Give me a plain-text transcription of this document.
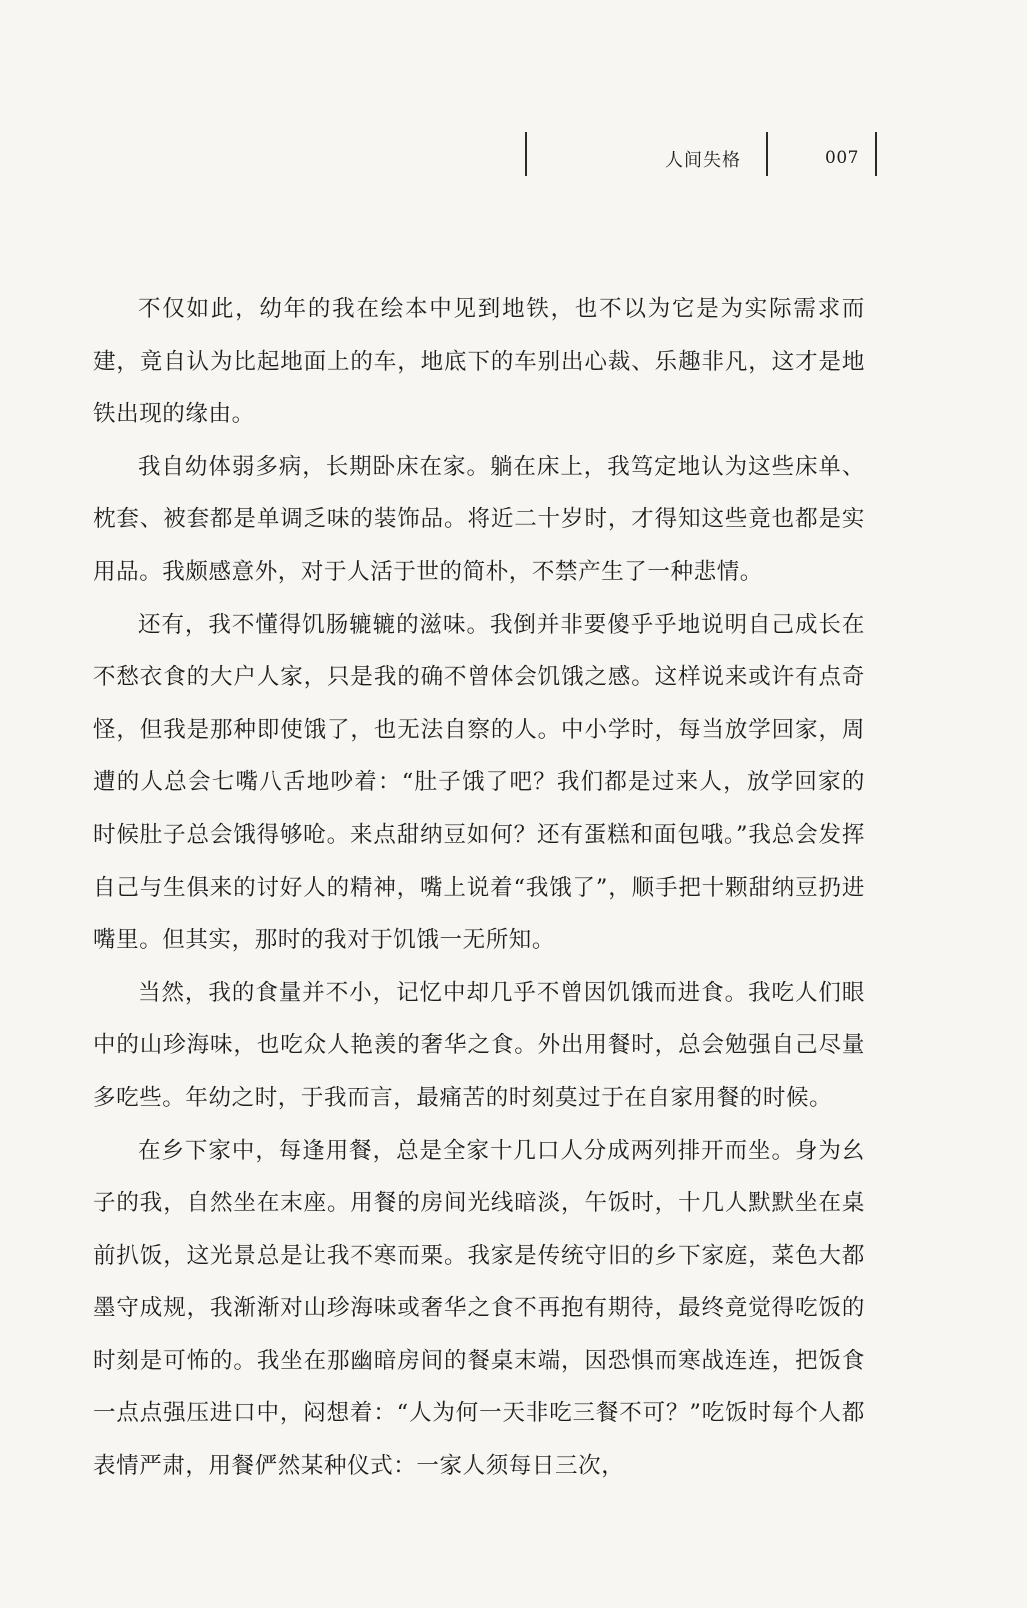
人间失格	007

不仅如此，幼年的我在绘本中见到地铁，也不以为它是为实际需求而建，竟自认为比起地面上的车，地底下的车别出心裁、乐趣非凡，这才是地铁出现的缘由。

我自幼体弱多病，长期卧床在家。躺在床上，我笃定地认为这些床单、枕套、被套都是单调乏味的装饰品。将近二十岁时，才得知这些竟也都是实用品。我颇感意外，对于人活于世的简朴，不禁产生了一种悲情。

还有，我不懂得饥肠辘辘的滋味。我倒并非要傻乎乎地说明自己成长在不愁衣食的大户人家，只是我的确不曾体会饥饿之感。这样说来或许有点奇怪，但我是那种即使饿了，也无法自察的人。中小学时，每当放学回家，周遭的人总会七嘴八舌地吵着：“肚子饿了吧？我们都是过来人，放学回家的时候肚子总会饿得够呛。来点甜纳豆如何？还有蛋糕和面包哦。”我总会发挥自己与生俱来的讨好人的精神，嘴上说着“我饿了”，顺手把十颗甜纳豆扔进嘴里。但其实，那时的我对于饥饿一无所知。

当然，我的食量并不小，记忆中却几乎不曾因饥饿而进食。我吃人们眼中的山珍海味，也吃众人艳羡的奢华之食。外出用餐时，总会勉强自己尽量多吃些。年幼之时，于我而言，最痛苦的时刻莫过于在自家用餐的时候。

在乡下家中，每逢用餐，总是全家十几口人分成两列排开而坐。身为幺子的我，自然坐在末座。用餐的房间光线暗淡，午饭时，十几人默默坐在桌前扒饭，这光景总是让我不寒而栗。我家是传统守旧的乡下家庭，菜色大都墨守成规，我渐渐对山珍海味或奢华之食不再抱有期待，最终竟觉得吃饭的时刻是可怖的。我坐在那幽暗房间的餐桌末端，因恐惧而寒战连连，把饭食一点点强压进口中，闷想着：“人为何一天非吃三餐不可？”吃饭时每个人都表情严肃，用餐俨然某种仪式：一家人须每日三次，
